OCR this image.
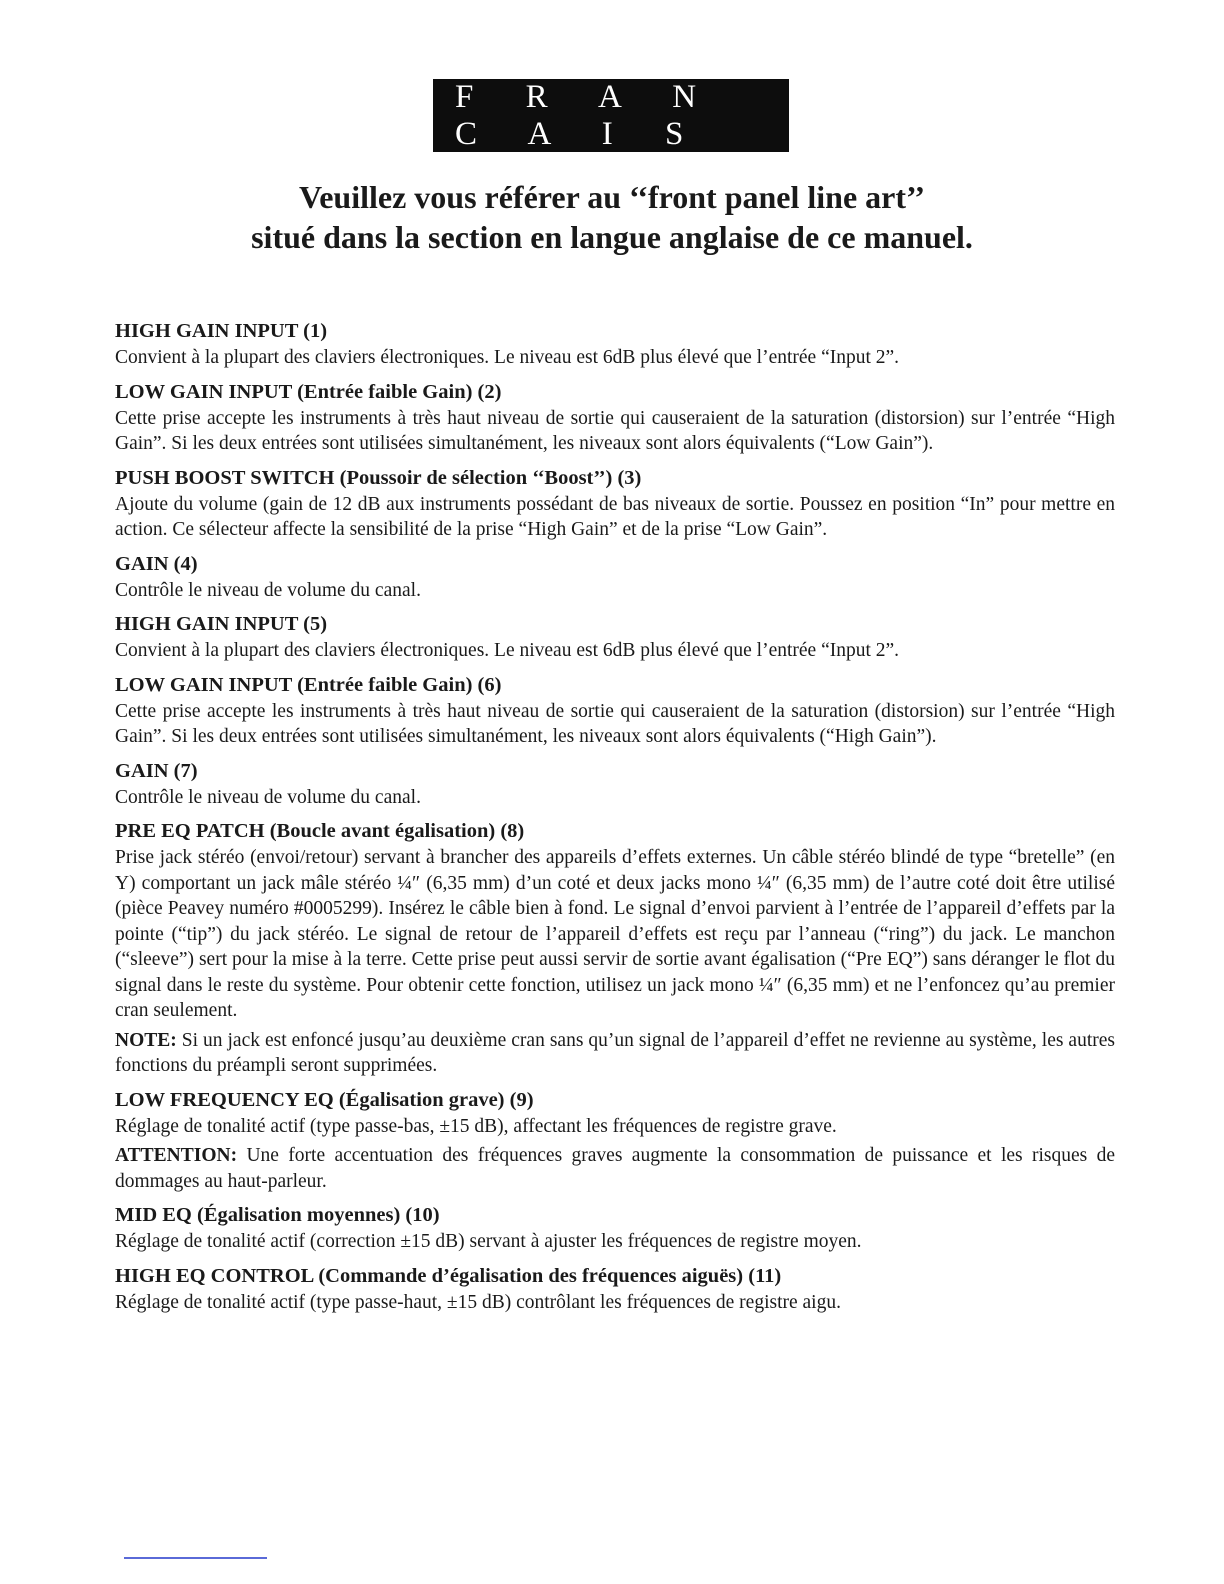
F R A N C A I S
Veuillez vous référer au ‘‘front panel line art’’
situé dans la section en langue anglaise de ce manuel.
HIGH GAIN INPUT (1)
Convient à la plupart des claviers électroniques. Le niveau est 6dB plus élevé que l’entrée “Input 2”.
LOW GAIN INPUT (Entrée faible Gain) (2)
Cette prise accepte les instruments à très haut niveau de sortie qui causeraient de la saturation (distorsion) sur l’entrée “High Gain”. Si les deux entrées sont utilisées simultanément, les niveaux sont alors équivalents (“Low Gain”).
PUSH BOOST SWITCH (Poussoir de sélection ‘‘Boost’’) (3)
Ajoute du volume (gain de 12 dB aux instruments possédant de bas niveaux de sortie. Poussez en position “In” pour mettre en action. Ce sélecteur affecte la sensibilité de la prise “High Gain” et de la prise “Low Gain”.
GAIN (4)
Contrôle le niveau de volume du canal.
HIGH GAIN INPUT (5)
Convient à la plupart des claviers électroniques. Le niveau est 6dB plus élevé que l’entrée “Input 2”.
LOW GAIN INPUT (Entrée faible Gain) (6)
Cette prise accepte les instruments à très haut niveau de sortie qui causeraient de la saturation (distorsion) sur l’entrée “High Gain”. Si les deux entrées sont utilisées simultanément, les niveaux sont alors équivalents (“High Gain”).
GAIN (7)
Contrôle le niveau de volume du canal.
PRE EQ PATCH (Boucle avant égalisation) (8)
Prise jack stéréo (envoi/retour) servant à brancher des appareils d’effets externes. Un câble stéréo blindé de type “bretelle” (en Y) comportant un jack mâle stéréo ¼″ (6,35 mm) d’un coté et deux jacks mono ¼″ (6,35 mm) de l’autre coté doit être utilisé (pièce Peavey numéro #0005299). Insérez le câble bien à fond. Le signal d’envoi parvient à l’entrée de l’appareil d’effets par la pointe (“tip”) du jack stéréo. Le signal de retour de l’appareil d’effets est reçu par l’anneau (“ring”) du jack. Le manchon (“sleeve”) sert pour la mise à la terre. Cette prise peut aussi servir de sortie avant égalisation (“Pre EQ”) sans déranger le flot du signal dans le reste du système. Pour obtenir cette fonction, utilisez un jack mono ¼″ (6,35 mm) et ne l’enfoncez qu’au premier cran seulement.
NOTE: Si un jack est enfoncé jusqu’au deuxième cran sans qu’un signal de l’appareil d’effet ne revienne au système, les autres fonctions du préampli seront supprimées.
LOW FREQUENCY EQ (Égalisation grave) (9)
Réglage de tonalité actif (type passe-bas, ±15 dB), affectant les fréquences de registre grave.
ATTENTION: Une forte accentuation des fréquences graves augmente la consommation de puissance et les risques de dommages au haut-parleur.
MID EQ (Égalisation moyennes) (10)
Réglage de tonalité actif (correction ±15 dB) servant à ajuster les fréquences de registre moyen.
HIGH EQ CONTROL (Commande d’égalisation des fréquences aiguës) (11)
Réglage de tonalité actif (type passe-haut, ±15 dB) contrôlant les fréquences de registre aigu.
